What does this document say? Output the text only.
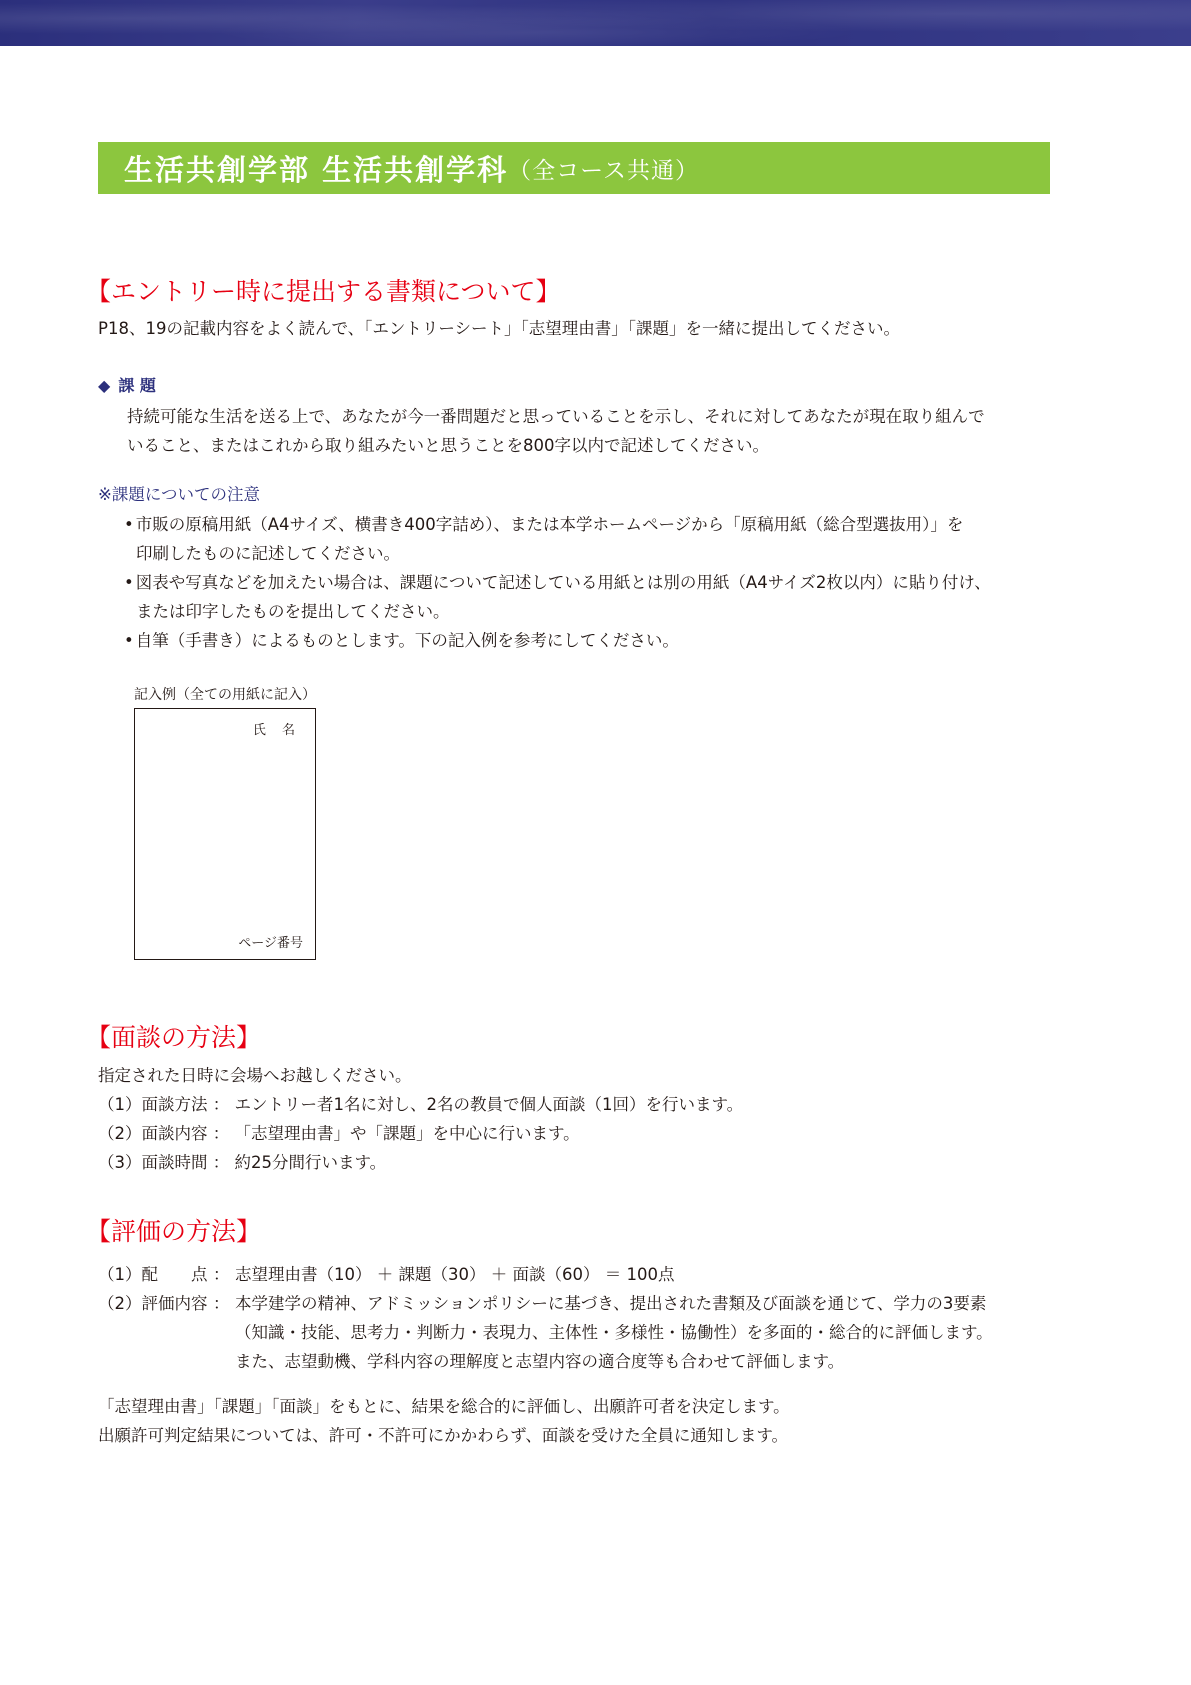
生活共創学部 生活共創学科 （全コース共通）
【エントリー時に提出する書類について】

P18、19の記載内容をよく読んで、「エントリーシート」「志望理由書」「課題」を一緒に提出してください。

◆ 課 題

持続可能な生活を送る上で、あなたが今一番問題だと思っていることを示し、それに対してあなたが現在取り組んで

いること、またはこれから取り組みたいと思うことを800字以内で記述してください。

※課題についての注意
• 市販の原稿用紙（A4サイズ、横書き400字詰め）、または本学ホームページから「原稿用紙（総合型選抜用）」を
印刷したものに記述してください。
• 図表や写真などを加えたい場合は、課題について記述している用紙とは別の用紙（A4サイズ2枚以内）に貼り付け、
または印字したものを提出してください。
• 自筆（手書き）によるものとします。下の記入例を参考にしてください。
記入例（全ての用紙に記入）
氏 名
ページ番号
【面談の方法】
指定された日時に会場へお越しください。
（1）面談方法 ： エントリー者1名に対し、2名の教員で個人面談（1回）を行います。
（2）面談内容 ： 「志望理由書」や「課題」を中心に行います。
（3）面談時間 ： 約25分間行います。
【評価の方法】
（1）配　　点 ： 志望理由書（10） ＋ 課題（30） ＋ 面談（60） ＝ 100点
（2）評価内容 ： 本学建学の精神、アドミッションポリシーに基づき、提出された書類及び面談を通じて、学力の3要素
（知識・技能、思考力・判断力・表現力、主体性・多様性・協働性）を多面的・総合的に評価します。
また、志望動機、学科内容の理解度と志望内容の適合度等も合わせて評価します。
「志望理由書」「課題」「面談」をもとに、結果を総合的に評価し、出願許可者を決定します。
出願許可判定結果については、許可・不許可にかかわらず、面談を受けた全員に通知します。
